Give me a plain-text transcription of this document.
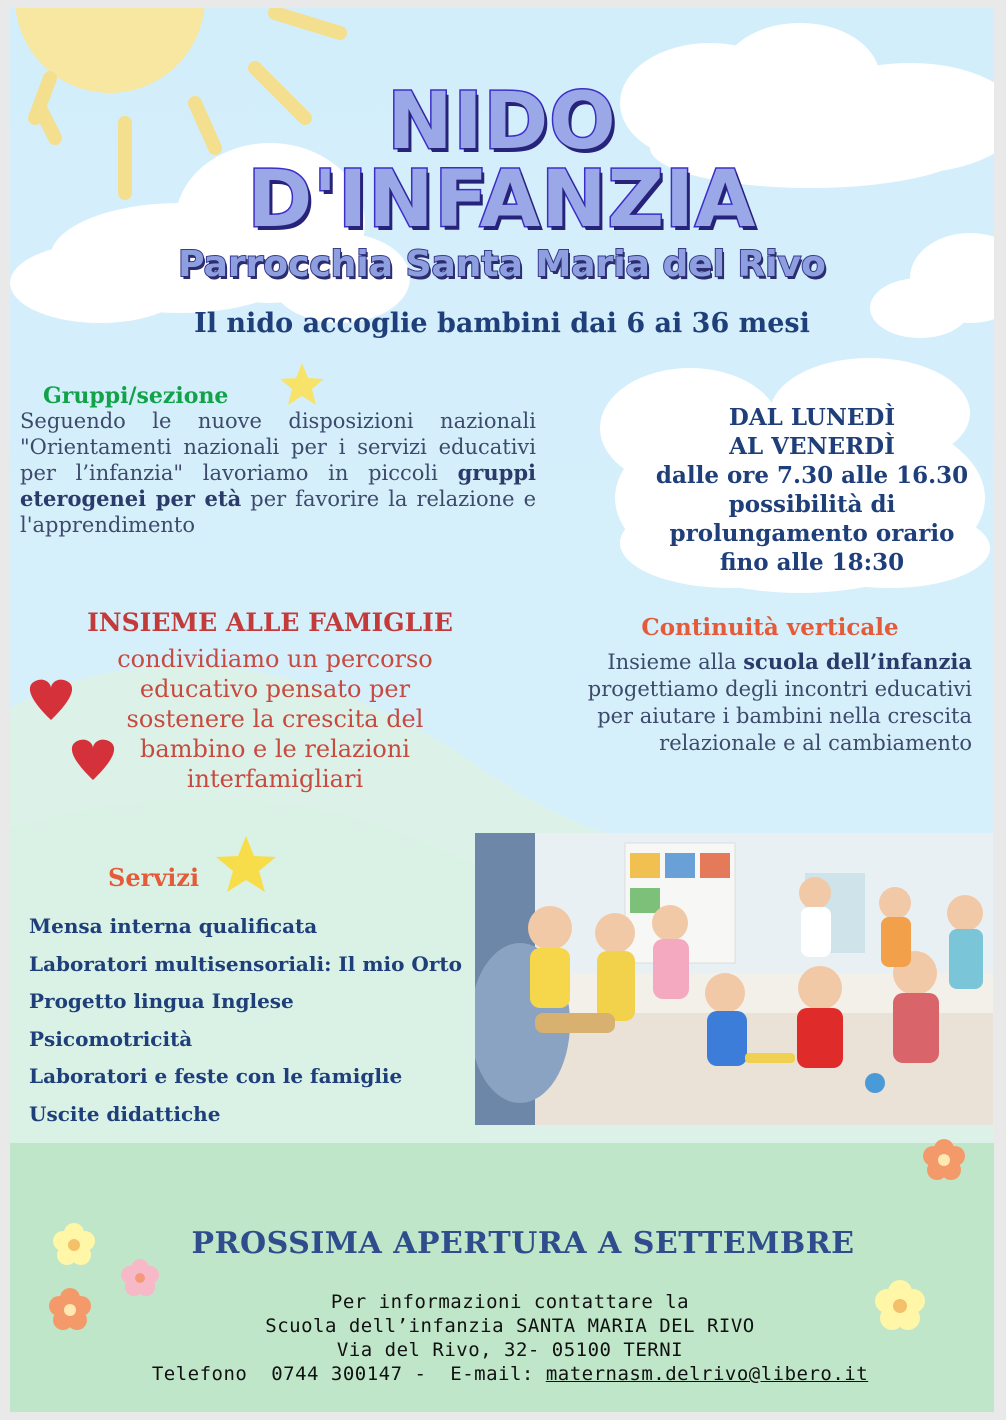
NIDO
D'INFANZIA
Parrocchia Santa Maria del Rivo
Il nido accoglie bambini dai 6 ai 36 mesi
Gruppi/sezione
Seguendo le nuove disposizioni nazionali "Orientamenti nazionali per i servizi educativi per l’infanzia" lavoriamo in piccoli gruppi eterogenei per età per favorire la relazione e l'apprendimento
DAL LUNEDÌ
AL VENERDÌ
dalle ore 7.30 alle 16.30
possibilità di
prolungamento orario
fino alle 18:30
INSIEME ALLE FAMIGLIE
condividiamo un percorso educativo pensato per sostenere la crescita del bambino e le relazioni interfamigliari
Continuità verticale
Insieme alla scuola dell’infanzia
progettiamo degli incontri educativi
per aiutare i bambini nella crescita
relazionale e al cambiamento
Servizi
Mensa interna qualificata
Laboratori multisensoriali: Il mio Orto
Progetto lingua Inglese
Psicomotricità
Laboratori e feste con le famiglie
Uscite didattiche
PROSSIMA APERTURA A SETTEMBRE
Per informazioni contattare la
Scuola dell’infanzia SANTA MARIA DEL RIVO
Via del Rivo, 32- 05100 TERNI
Telefono  0744 300147 -  E-mail: maternasm.delrivo@libero.it
